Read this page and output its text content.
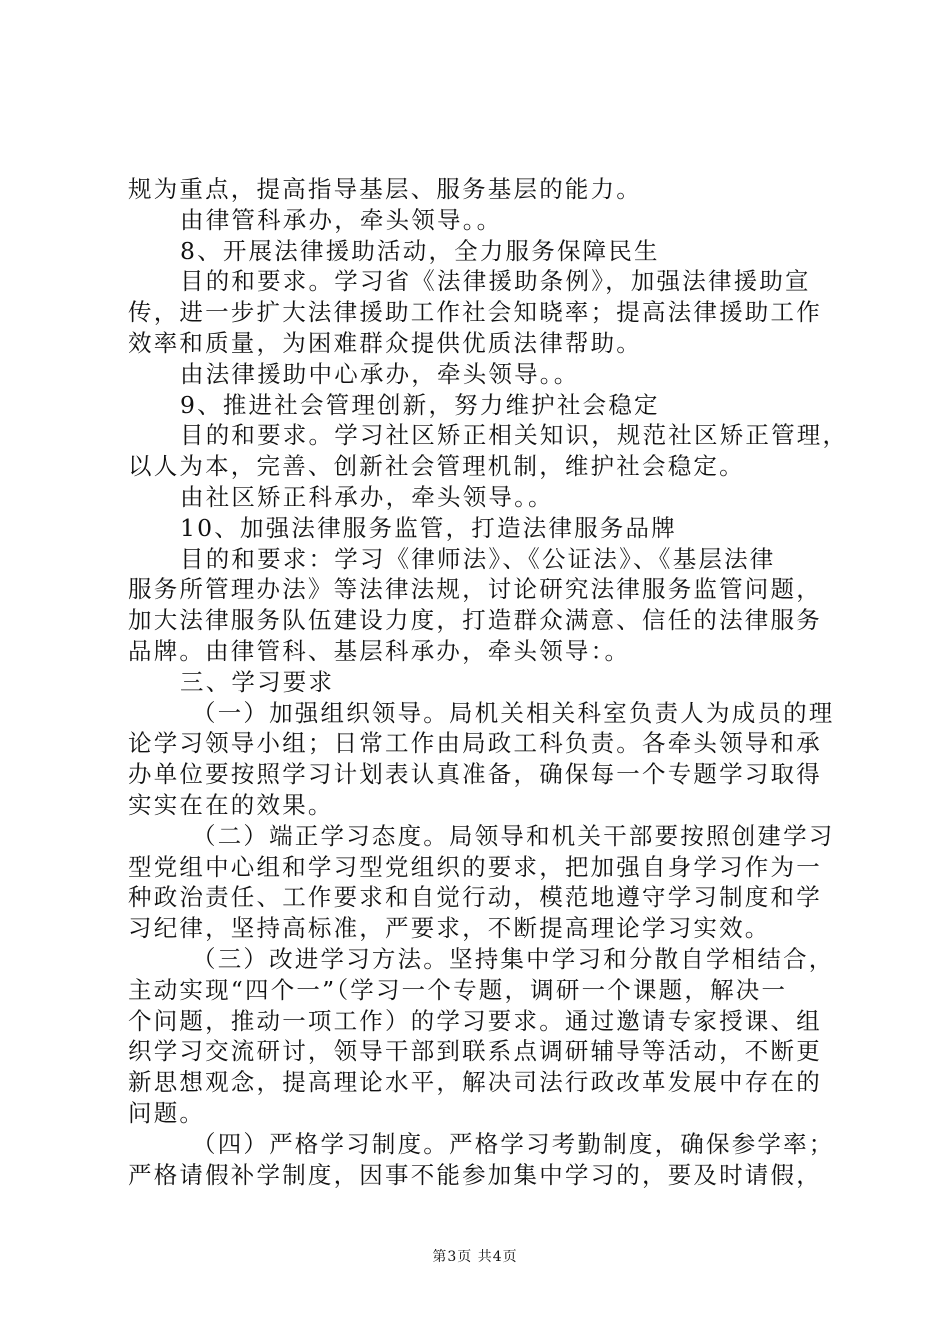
规为重点，提高指导基层、服务基层的能力。
由律管科承办，牵头领导。。
8、开展法律援助活动，全力服务保障民生
目的和要求。学习省《法律援助条例》，加强法律援助宣
传，进一步扩大法律援助工作社会知晓率；提高法律援助工作
效率和质量，为困难群众提供优质法律帮助。
由法律援助中心承办，牵头领导。。
9、推进社会管理创新，努力维护社会稳定
目的和要求。学习社区矫正相关知识，规范社区矫正管理，
以人为本，完善、创新社会管理机制，维护社会稳定。
由社区矫正科承办，牵头领导。。
10、加强法律服务监管，打造法律服务品牌
目的和要求：学习《律师法》、《公证法》、《基层法律
服务所管理办法》等法律法规，讨论研究法律服务监管问题，
加大法律服务队伍建设力度，打造群众满意、信任的法律服务
品牌。由律管科、基层科承办，牵头领导：。
三、学习要求
（一）加强组织领导。局机关相关科室负责人为成员的理
论学习领导小组；日常工作由局政工科负责。各牵头领导和承
办单位要按照学习计划表认真准备，确保每一个专题学习取得
实实在在的效果。
（二）端正学习态度。局领导和机关干部要按照创建学习
型党组中心组和学习型党组织的要求，把加强自身学习作为一
种政治责任、工作要求和自觉行动，模范地遵守学习制度和学
习纪律，坚持高标准，严要求，不断提高理论学习实效。
（三）改进学习方法。坚持集中学习和分散自学相结合，
主动实现“四个一”（学习一个专题，调研一个课题，解决一
个问题，推动一项工作）的学习要求。通过邀请专家授课、组
织学习交流研讨，领导干部到联系点调研辅导等活动，不断更
新思想观念，提高理论水平，解决司法行政改革发展中存在的
问题。
（四）严格学习制度。严格学习考勤制度，确保参学率；
严格请假补学制度，因事不能参加集中学习的，要及时请假，
第3页 共4页
